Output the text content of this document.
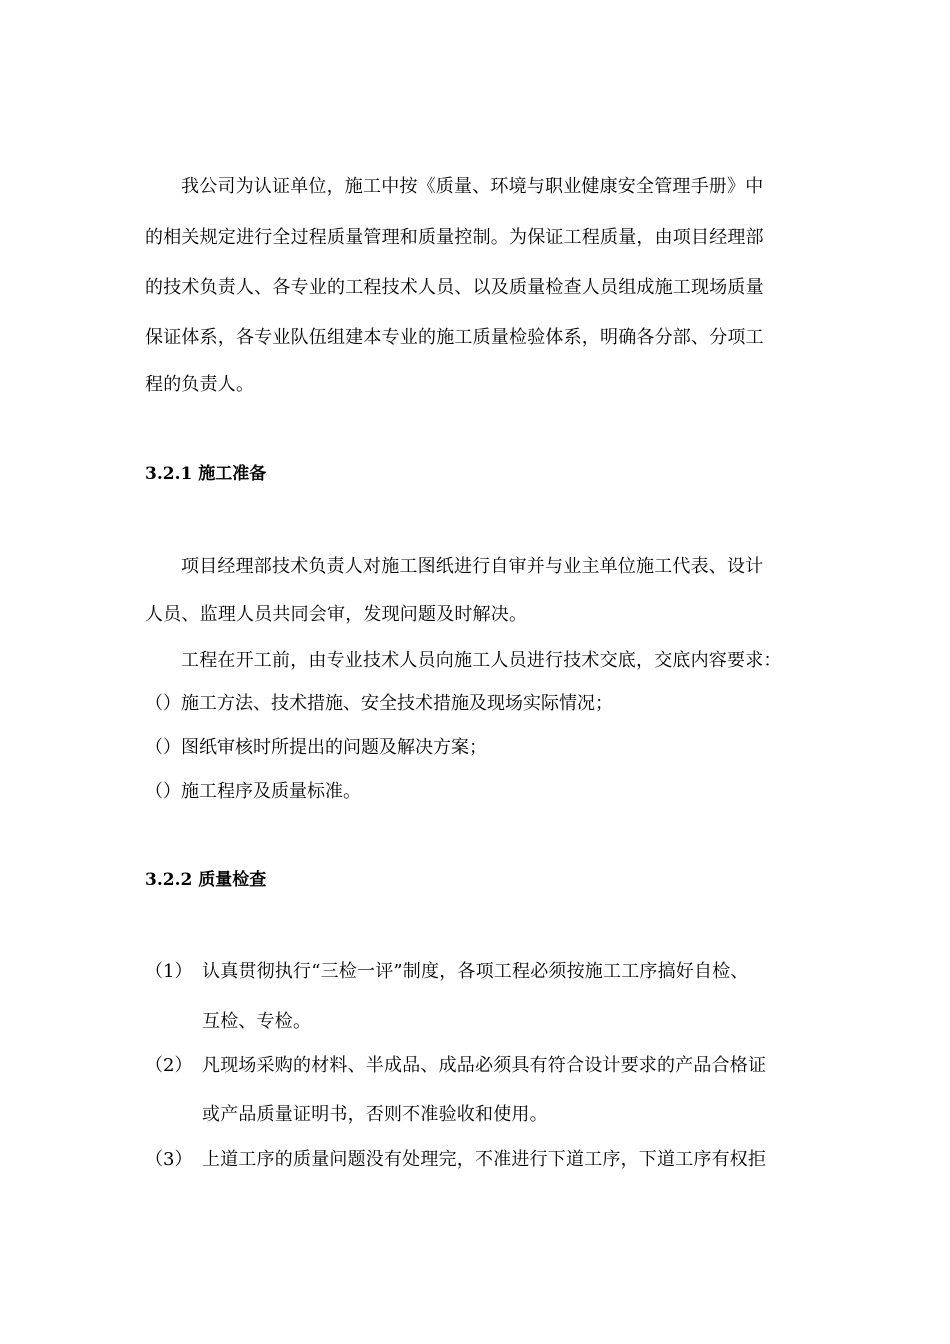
我公司为认证单位，施工中按《质量、环境与职业健康安全管理手册》中
的相关规定进行全过程质量管理和质量控制。为保证工程质量，由项目经理部
的技术负责人、各专业的工程技术人员、以及质量检查人员组成施工现场质量
保证体系，各专业队伍组建本专业的施工质量检验体系，明确各分部、分项工
程的负责人。
3.2.1 施工准备
项目经理部技术负责人对施工图纸进行自审并与业主单位施工代表、设计
人员、监理人员共同会审，发现问题及时解决。
工程在开工前，由专业技术人员向施工人员进行技术交底，交底内容要求：
（）施工方法、技术措施、安全技术措施及现场实际情况；
（）图纸审核时所提出的问题及解决方案；
（）施工程序及质量标准。
3.2.2 质量检查
（1） 认真贯彻执行“三检一评”制度，各项工程必须按施工工序搞好自检、
互检、专检。
（2） 凡现场采购的材料、半成品、成品必须具有符合设计要求的产品合格证
或产品质量证明书，否则不准验收和使用。
（3） 上道工序的质量问题没有处理完，不准进行下道工序，下道工序有权拒
